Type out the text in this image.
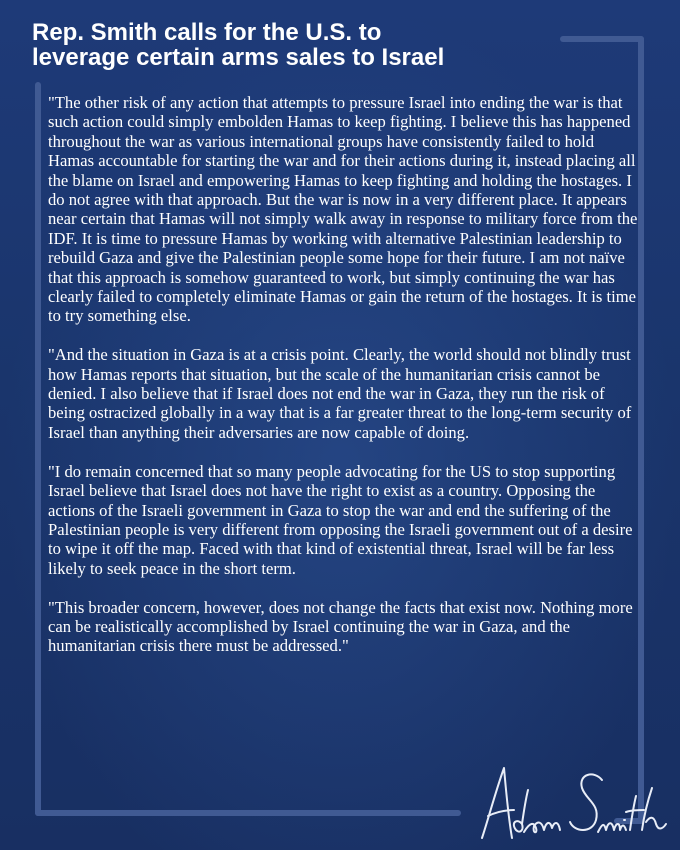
Rep. Smith calls for the U.S. to
leverage certain arms sales to Israel

"The other risk of any action that attempts to pressure Israel into ending the war is that such action could simply embolden Hamas to keep fighting. I believe this has happened throughout the war as various international groups have consistently failed to hold Hamas accountable for starting the war and for their actions during it, instead placing all the blame on Israel and empowering Hamas to keep fighting and holding the hostages. I do not agree with that approach. But the war is now in a very different place. It appears near certain that Hamas will not simply walk away in response to military force from the IDF. It is time to pressure Hamas by working with alternative Palestinian leadership to rebuild Gaza and give the Palestinian people some hope for their future. I am not naïve that this approach is somehow guaranteed to work, but simply continuing the war has clearly failed to completely eliminate Hamas or gain the return of the hostages. It is time to try something else.

"And the situation in Gaza is at a crisis point. Clearly, the world should not blindly trust how Hamas reports that situation, but the scale of the humanitarian crisis cannot be denied. I also believe that if Israel does not end the war in Gaza, they run the risk of being ostracized globally in a way that is a far greater threat to the long-term security of Israel than anything their adversaries are now capable of doing.

"I do remain concerned that so many people advocating for the US to stop supporting Israel believe that Israel does not have the right to exist as a country. Opposing the actions of the Israeli government in Gaza to stop the war and end the suffering of the Palestinian people is very different from opposing the Israeli government out of a desire to wipe it off the map. Faced with that kind of existential threat, Israel will be far less likely to seek peace in the short term.

"This broader concern, however, does not change the facts that exist now. Nothing more can be realistically accomplished by Israel continuing the war in Gaza, and the humanitarian crisis there must be addressed."
